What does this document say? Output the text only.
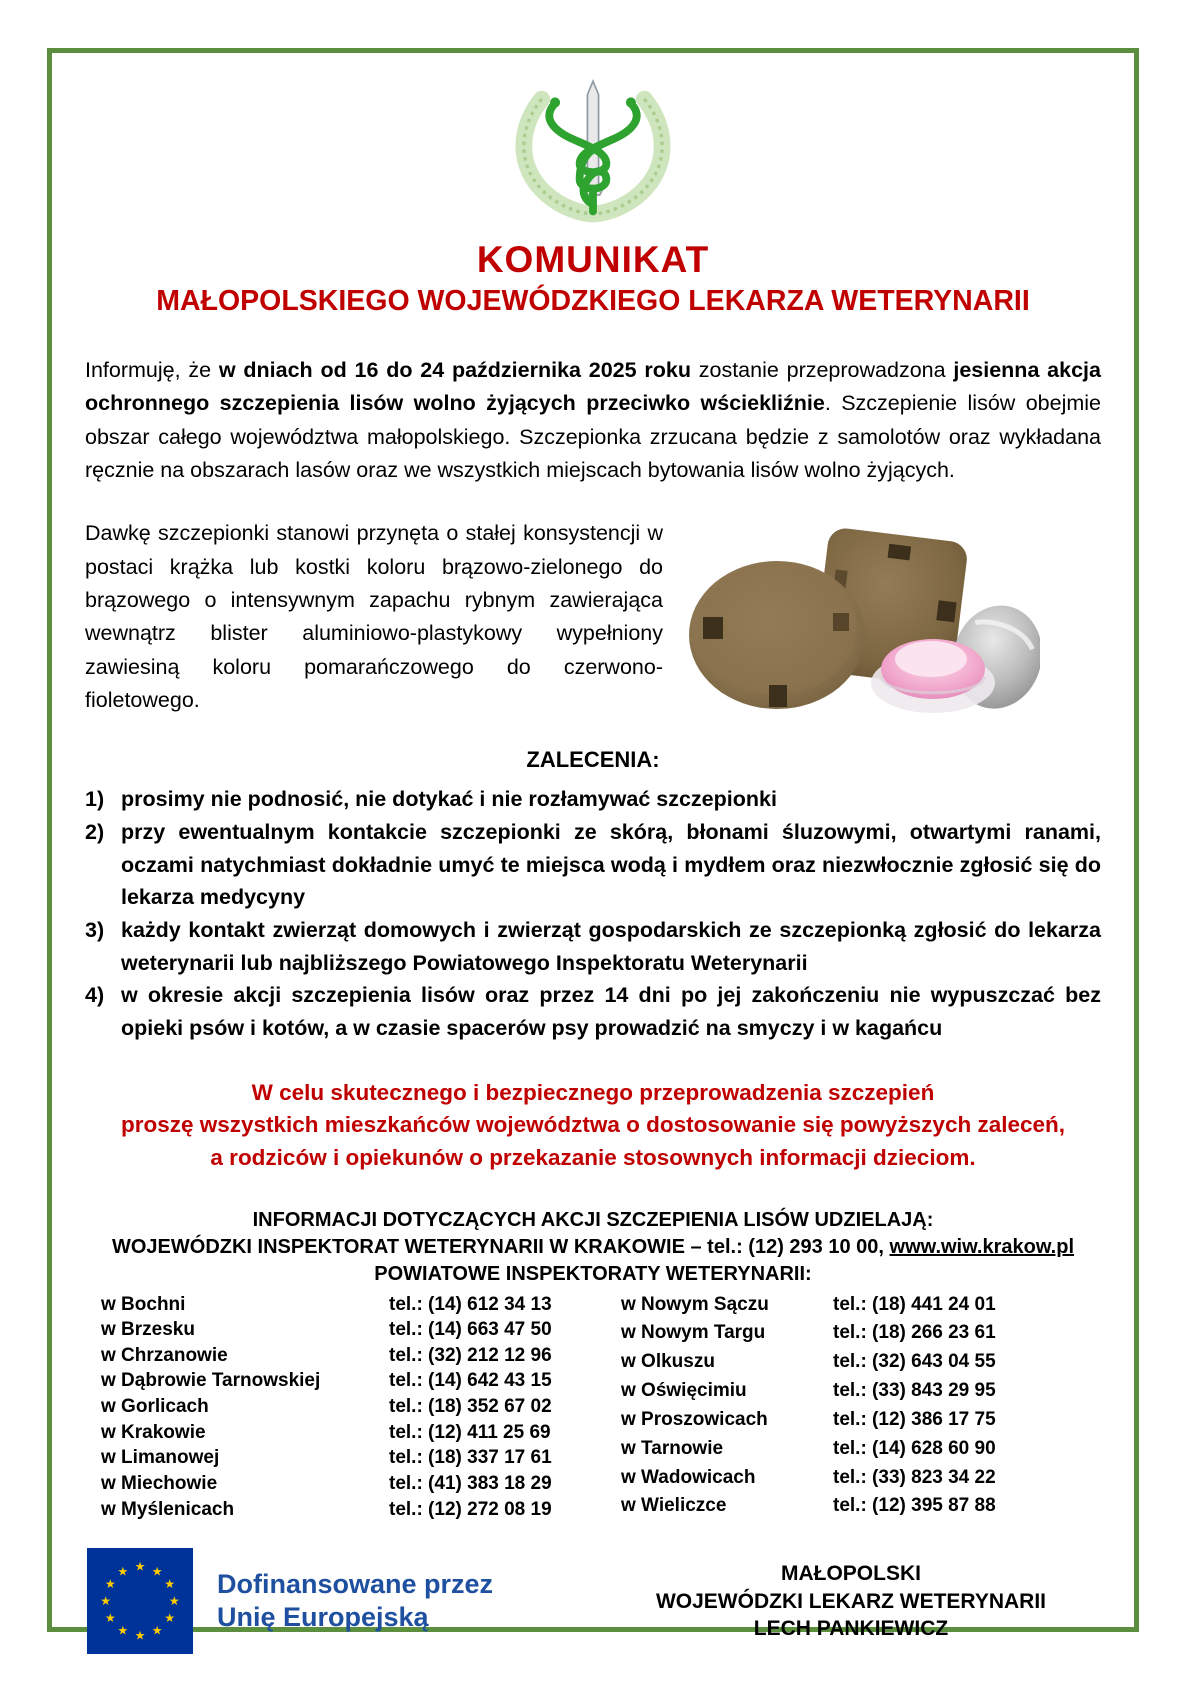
KOMUNIKAT
MAŁOPOLSKIEGO WOJEWÓDZKIEGO LEKARZA WETERYNARII

Informuję, że w dniach od 16 do 24 października 2025 roku zostanie przeprowadzona jesienna akcja ochronnego szczepienia lisów wolno żyjących przeciwko wściekliźnie. Szczepienie lisów obejmie obszar całego województwa małopolskiego. Szczepionka zrzucana będzie z samolotów oraz wykładana ręcznie na obszarach lasów oraz we wszystkich miejscach bytowania lisów wolno żyjących.

Dawkę szczepionki stanowi przynęta o stałej konsystencji w postaci krążka lub kostki koloru brązowo-zielonego do brązowego o intensywnym zapachu rybnym zawierająca wewnątrz blister aluminiowo-plastykowy wypełniony zawiesiną koloru pomarańczowego do czerwono-fioletowego.

ZALECENIA:
1) prosimy nie podnosić, nie dotykać i nie rozłamywać szczepionki
2) przy ewentualnym kontakcie szczepionki ze skórą, błonami śluzowymi, otwartymi ranami, oczami natychmiast dokładnie umyć te miejsca wodą i mydłem oraz niezwłocznie zgłosić się do lekarza medycyny
3) każdy kontakt zwierząt domowych i zwierząt gospodarskich ze szczepionką zgłosić do lekarza weterynarii lub najbliższego Powiatowego Inspektoratu Weterynarii
4) w okresie akcji szczepienia lisów oraz przez 14 dni po jej zakończeniu nie wypuszczać bez opieki psów i kotów, a w czasie spacerów psy prowadzić na smyczy i w kagańcu
W celu skutecznego i bezpiecznego przeprowadzenia szczepień
proszę wszystkich mieszkańców województwa o dostosowanie się powyższych zaleceń,
a rodziców i opiekunów o przekazanie stosownych informacji dzieciom.
INFORMACJI DOTYCZĄCYCH AKCJI SZCZEPIENIA LISÓW UDZIELAJĄ:
WOJEWÓDZKI INSPEKTORAT WETERYNARII W KRAKOWIE – tel.: (12) 293 10 00, www.wiw.krakow.pl
POWIATOWE INSPEKTORATY WETERYNARII:
w Bochni	tel.: (14) 612 34 13
w Brzesku	tel.: (14) 663 47 50
w Chrzanowie	tel.: (32) 212 12 96
w Dąbrowie Tarnowskiej	tel.: (14) 642 43 15
w Gorlicach	tel.: (18) 352 67 02
w Krakowie	tel.: (12) 411 25 69
w Limanowej	tel.: (18) 337 17 61
w Miechowie	tel.: (41) 383 18 29
w Myślenicach	tel.: (12) 272 08 19
w Nowym Sączu	tel.: (18) 441 24 01
w Nowym Targu	tel.: (18) 266 23 61
w Olkuszu	tel.: (32) 643 04 55
w Oświęcimiu	tel.: (33) 843 29 95
w Proszowicach	tel.: (12) 386 17 75
w Tarnowie	tel.: (14) 628 60 90
w Wadowicach	tel.: (33) 823 34 22
w Wieliczce	tel.: (12) 395 87 88
★ ★
★
★
★
★
★
★
★
★
★
★	Dofinansowane przez
Unię Europejską
MAŁOPOLSKI
WOJEWÓDZKI LEKARZ WETERYNARII
LECH PANKIEWICZ
